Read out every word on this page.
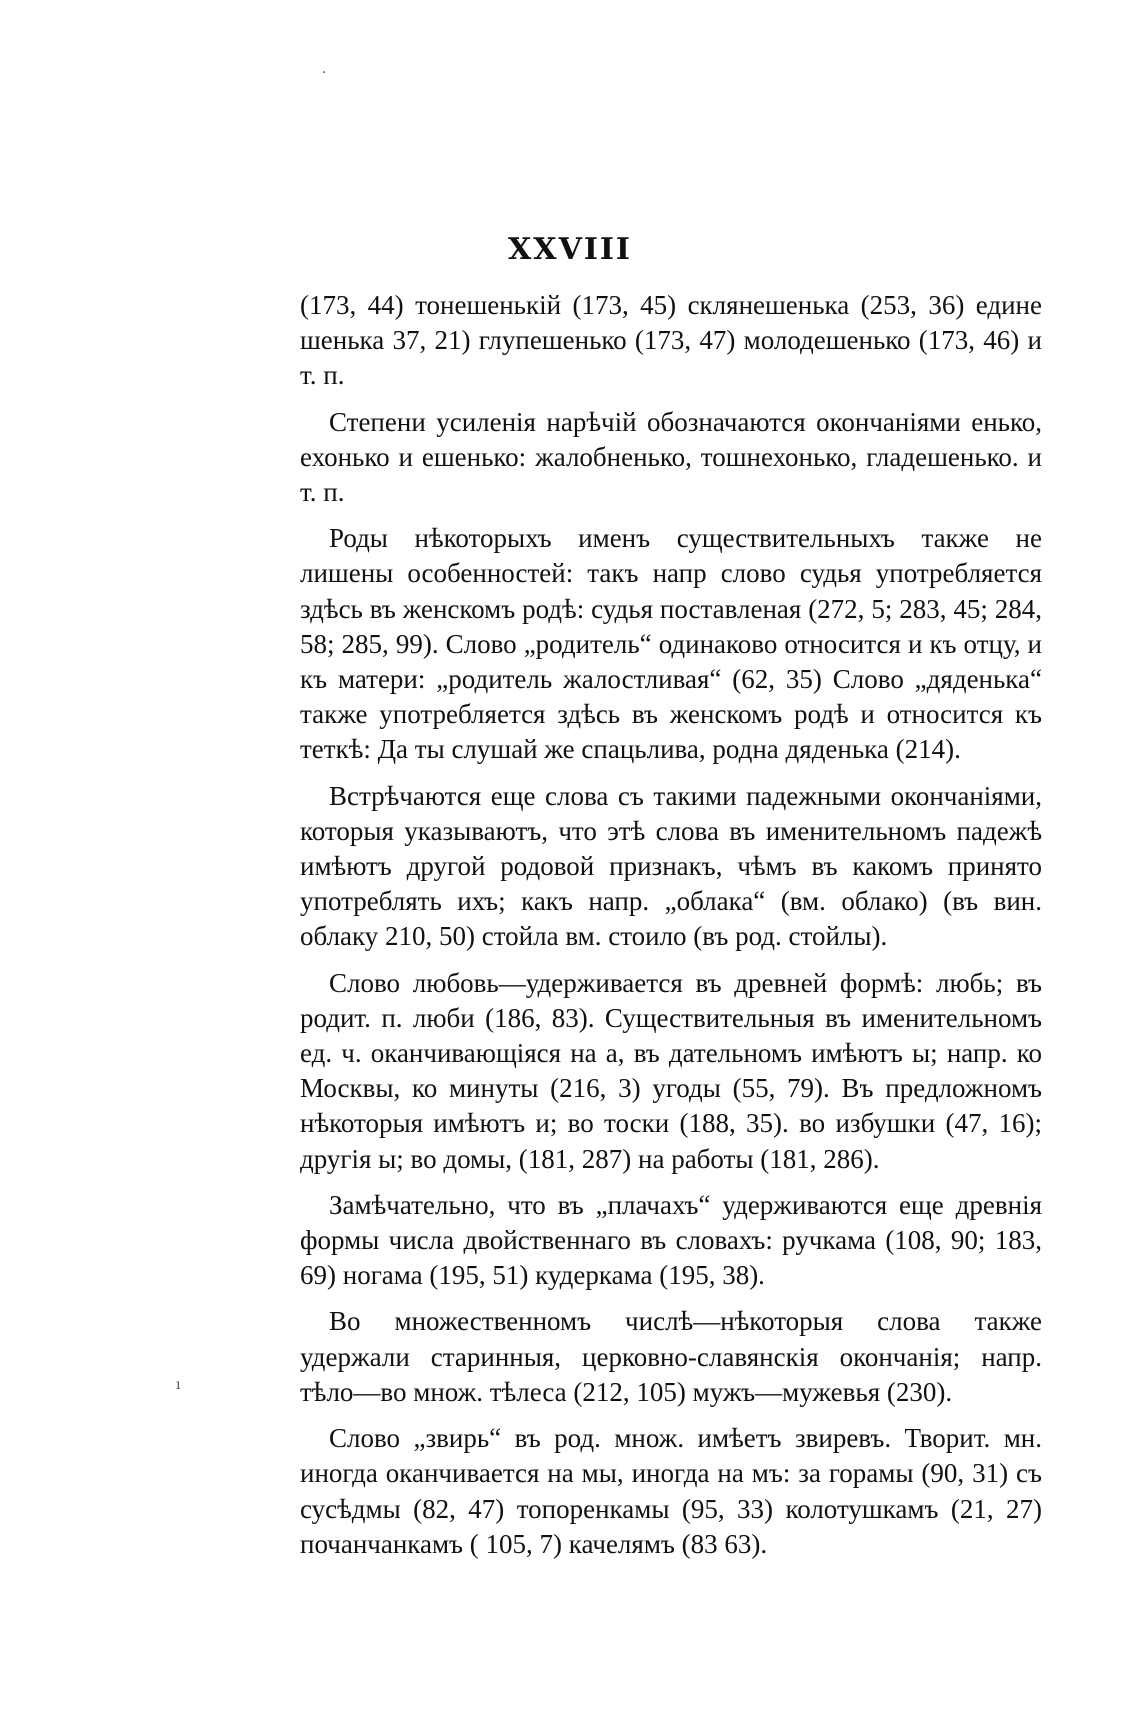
·
ı
XXVIII

(173, 44) тонешенькій (173, 45) склянешенька (253, 36) едине шенька 37, 21) глупешенько (173, 47) молодешенько (173, 46) и т. п.

Степени усиленія нарѣчій обозначаются окончаніями енько, ехонько и ешенько: жалобненько, тошнехонько, гладешенько. и т. п.

Роды нѣкоторыхъ именъ существительныхъ также не лишены особенностей: такъ напр слово судья употребляется здѣсь въ женскомъ родѣ: судья поставленая (272, 5; 283, 45; 284, 58; 285, 99). Слово „родитель“ одинаково относится и къ отцу, и къ матери: „родитель жалостливая“ (62, 35) Слово „дяденька“ также употребляется здѣсь въ женскомъ родѣ и относится къ теткѣ: Да ты слушай же спацьлива, родна дяденька (214).

Встрѣчаются еще слова съ такими падежными окончаніями, которыя указываютъ, что этѣ слова въ именительномъ падежѣ имѣютъ другой родовой признакъ, чѣмъ въ какомъ принято употреблять ихъ; какъ напр. „облака“ (вм. облако) (въ вин. облаку 210, 50) стойла вм. стоило (въ род. стойлы).

Слово любовь—удерживается въ древней формѣ: любь; въ родит. п. люби (186, 83). Существительныя въ именительномъ ед. ч. оканчивающіяся на а, въ дательномъ имѣютъ ы; напр. ко Москвы, ко минуты (216, 3) угоды (55, 79). Въ предложномъ нѣкоторыя имѣютъ и; во тоски (188, 35). во избушки (47, 16); другія ы; во домы, (181, 287) на работы (181, 286).

Замѣчательно, что въ „плачахъ“ удерживаются еще древнія формы числа двойственнаго въ словахъ: ручкама (108, 90; 183, 69) ногама (195, 51) кудеркама (195, 38).

Во множественномъ числѣ—нѣкоторыя слова также удержали старинныя, церковно-славянскія окончанія; напр. тѣло—во множ. тѣлеса (212, 105) мужъ—мужевья (230).

Слово „звирь“ въ род. множ. имѣетъ звиревъ. Творит. мн. иногда оканчивается на мы, иногда на мъ: за горамы (90, 31) съ сусѣдмы (82, 47) топоренкамы (95, 33) колотушкамъ (21, 27) почанчанкамъ ( 105, 7) качелямъ (83 63).
